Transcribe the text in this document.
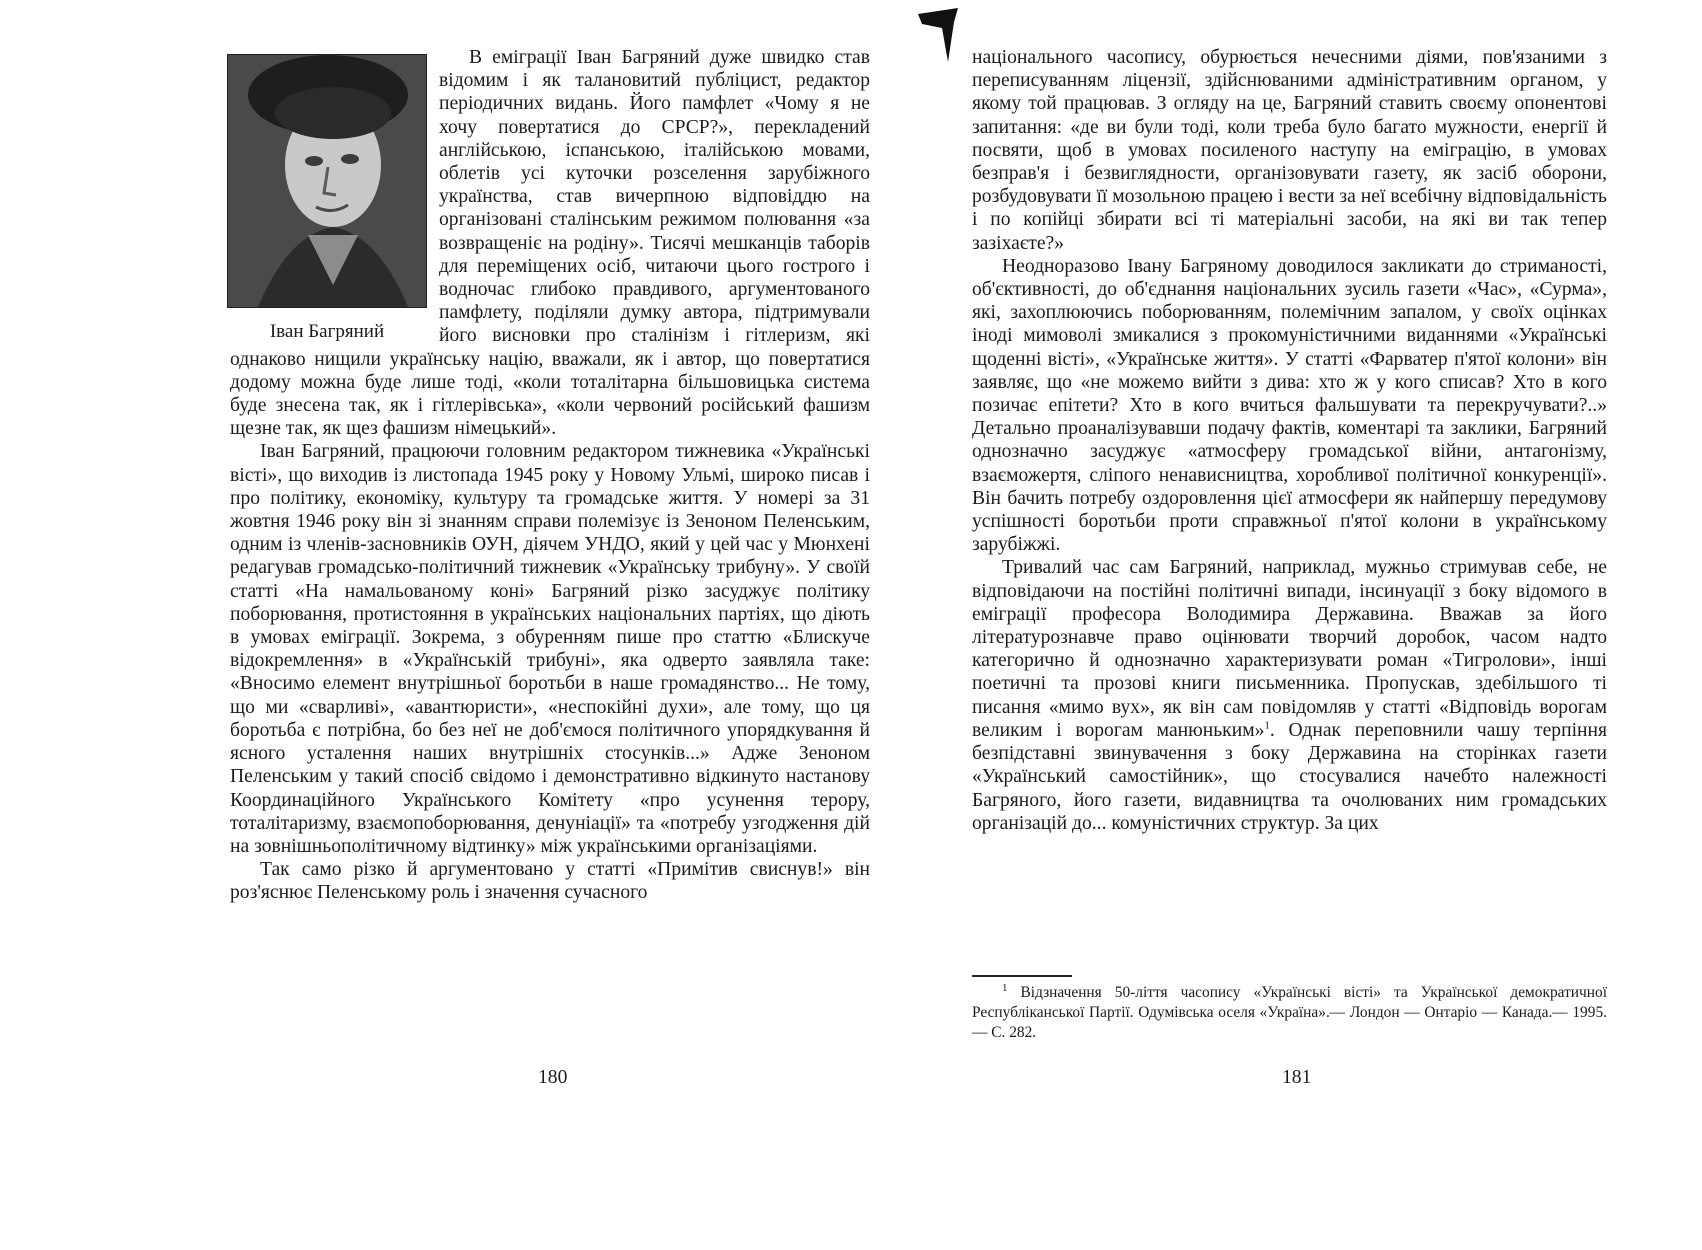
Іван Багряний

В еміграції Іван Багряний дуже швидко став відомим і як талановитий публіцист, редактор періодичних видань. Його памфлет «Чому я не хочу повертатися до СРСР?», перекладений англійською, іспанською, італійською мовами, облетів усі куточки розселення зарубіжного українства, став вичерпною відповіддю на організовані сталінським режимом полювання «за возвращеніє на родіну». Тисячі мешканців таборів для переміщених осіб, читаючи цього гострого і водночас глибоко правдивого, аргументованого памфлету, поділяли думку автора, підтримували його висновки про сталінізм і гітлеризм, які однаково нищили українську націю, вважали, як і автор, що повертатися додому можна буде лише тоді, «коли тоталітарна більшовицька система буде знесена так, як і гітлерівська», «коли червоний російський фашизм щезне так, як щез фашизм німецький».

Іван Багряний, працюючи головним редактором тижневика «Українські вісті», що виходив із листопада 1945 року у Новому Ульмі, широко писав і про політику, економіку, культуру та громадське життя. У номері за 31 жовтня 1946 року він зі знанням справи полемізує із Зеноном Пеленським, одним із членів-засновників ОУН, діячем УНДО, який у цей час у Мюнхені редагував громадсько-політичний тижневик «Українську трибуну». У своїй статті «На намальованому коні» Багряний різко засуджує політику поборювання, протистояння в українських національних партіях, що діють в умовах еміграції. Зокрема, з обуренням пише про статтю «Блискуче відокремлення» в «Українській трибуні», яка одверто заявляла таке: «Вносимо елемент внутрішньої боротьби в наше громадянство... Не тому, що ми «сварливі», «авантюристи», «неспокійні духи», але тому, що ця боротьба є потрібна, бо без неї не доб'ємося політичного упорядкування й ясного усталення наших внутрішніх стосунків...» Адже Зеноном Пеленським у такий спосіб свідомо і демонстративно відкинуто настанову Координаційного Українського Комітету «про усунення терору, тоталітаризму, взаємопоборювання, денуніації» та «потребу узгодження дій на зовнішньополітичному відтинку» між українськими організаціями.

Так само різко й аргументовано у статті «Примітив свиснув!» він роз'яснює Пеленському роль і значення сучасного

180

національного часопису, обурюється нечесними діями, пов'язаними з переписуванням ліцензії, здійснюваними адміністративним органом, у якому той працював. З огляду на це, Багряний ставить своєму опонентові запитання: «де ви були тоді, коли треба було багато мужности, енергії й посвяти, щоб в умовах посиленого наступу на еміграцію, в умовах безправ'я і безвиглядности, організовувати газету, як засіб оборони, розбудовувати її мозольною працею і вести за неї всебічну відповідальність і по копійці збирати всі ті матеріальні засоби, на які ви так тепер зазіхаєте?»

Неодноразово Івану Багряному доводилося закликати до стриманості, об'єктивності, до об'єднання національних зусиль газети «Час», «Сурма», які, захоплюючись поборюванням, полемічним запалом, у своїх оцінках іноді мимоволі змикалися з прокомуністичними виданнями «Українські щоденні вісті», «Українське життя». У статті «Фарватер п'ятої колони» він заявляє, що «не можемо вийти з дива: хто ж у кого списав? Хто в кого позичає епітети? Хто в кого вчиться фальшувати та перекручувати?..» Детально проаналізувавши подачу фактів, коментарі та заклики, Багряний однозначно засуджує «атмосферу громадської війни, антагонізму, взаєможертя, сліпого ненависництва, хоробливої політичної конкуренції». Він бачить потребу оздоровлення цієї атмосфери як найпершу передумову успішності боротьби проти справжньої п'ятої колони в українському зарубіжжі.

Тривалий час сам Багряний, наприклад, мужньо стримував себе, не відповідаючи на постійні політичні випади, інсинуації з боку відомого в еміграції професора Володимира Державина. Вважав за його літературознавче право оцінювати творчий доробок, часом надто категорично й однозначно характеризувати роман «Тигролови», інші поетичні та прозові книги письменника. Пропускав, здебільшого ті писання «мимо вух», як він сам повідомляв у статті «Відповідь ворогам великим і ворогам манюньким»$^1$. Однак переповнили чашу терпіння безпідставні звинувачення з боку Державина на сторінках газети «Український самостійник», що стосувалися начебто належності Багряного, його газети, видавництва та очолюваних ним громадських організацій до... комуністичних структур. За цих

$^1$ Відзначення 50-ліття часопису «Українські вісті» та Української демократичної Республіканської Партії. Одумівська оселя «Україна».— Лондон — Онтаріо — Канада.— 1995.— С. 282.
181
